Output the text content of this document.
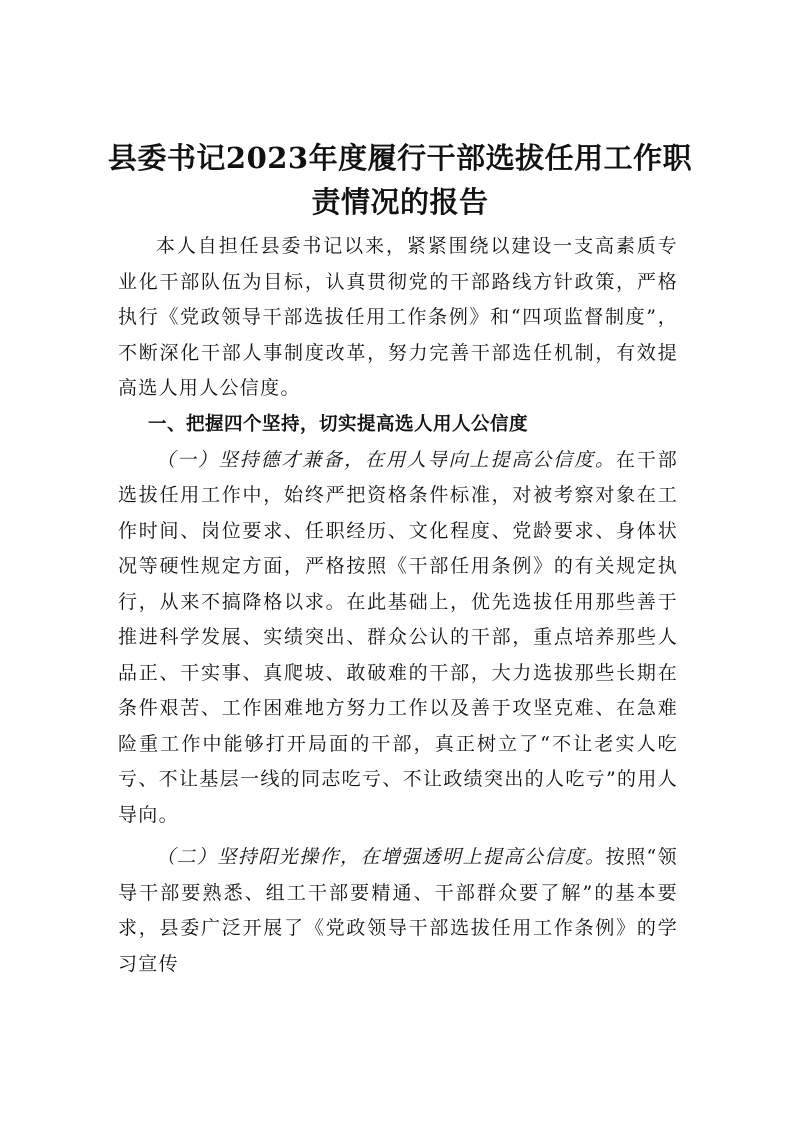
县委书记2023年度履行干部选拔任用工作职责情况的报告

本人自担任县委书记以来，紧紧围绕以建设一支高素质专业化干部队伍为目标，认真贯彻党的干部路线方针政策，严格执行《党政领导干部选拔任用工作条例》和“四项监督制度”，不断深化干部人事制度改革，努力完善干部选任机制，有效提高选人用人公信度。

一、把握四个坚持，切实提高选人用人公信度

（一）坚持德才兼备，在用人导向上提高公信度。在干部选拔任用工作中，始终严把资格条件标准，对被考察对象在工作时间、岗位要求、任职经历、文化程度、党龄要求、身体状况等硬性规定方面，严格按照《干部任用条例》的有关规定执行，从来不搞降格以求。在此基础上，优先选拔任用那些善于推进科学发展、实绩突出、群众公认的干部，重点培养那些人品正、干实事、真爬坡、敢破难的干部，大力选拔那些长期在条件艰苦、工作困难地方努力工作以及善于攻坚克难、在急难险重工作中能够打开局面的干部，真正树立了“不让老实人吃亏、不让基层一线的同志吃亏、不让政绩突出的人吃亏”的用人导向。

（二）坚持阳光操作，在增强透明上提高公信度。按照“领导干部要熟悉、组工干部要精通、干部群众要了解”的基本要求，县委广泛开展了《党政领导干部选拔任用工作条例》的学习宣传
